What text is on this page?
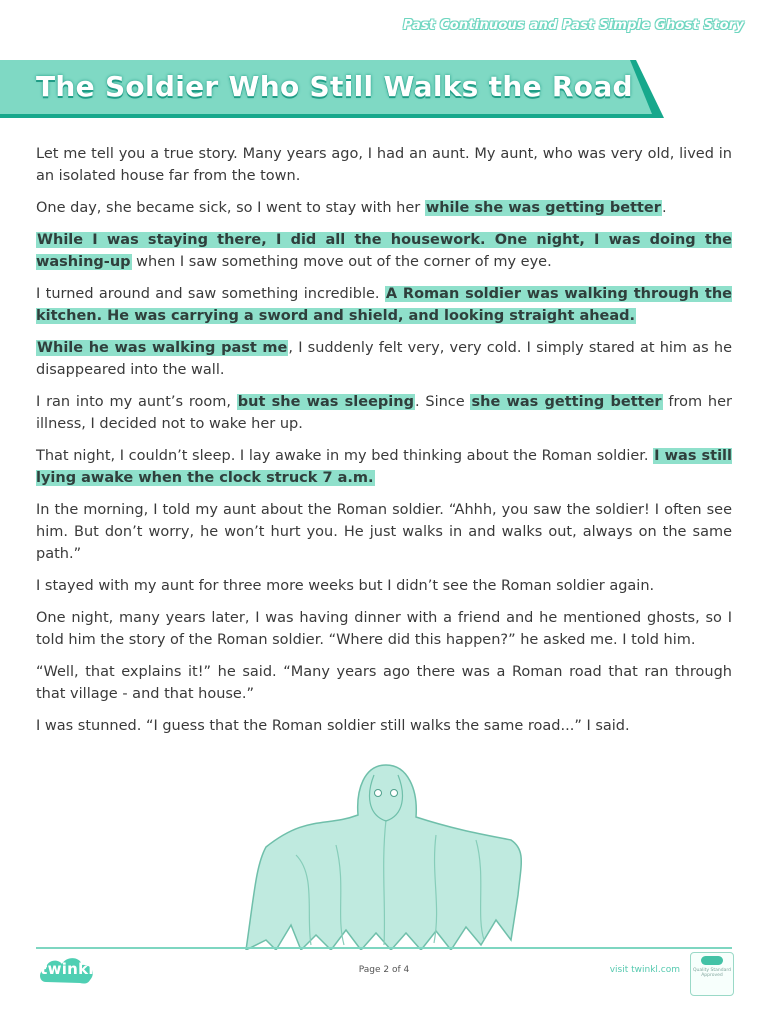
Past Continuous and Past Simple Ghost Story
The Soldier Who Still Walks the Road

Let me tell you a true story. Many years ago, I had an aunt. My aunt, who was very old, lived in an isolated house far from the town.

One day, she became sick, so I went to stay with her while she was getting better.

While I was staying there, I did all the housework. One night, I was doing the washing-up when I saw something move out of the corner of my eye.

I turned around and saw something incredible. A Roman soldier was walking through the kitchen. He was carrying a sword and shield, and looking straight ahead.

While he was walking past me, I suddenly felt very, very cold. I simply stared at him as he disappeared into the wall.

I ran into my aunt’s room, but she was sleeping. Since she was getting better from her illness, I decided not to wake her up.

That night, I couldn’t sleep. I lay awake in my bed thinking about the Roman soldier. I was still lying awake when the clock struck 7 a.m.

In the morning, I told my aunt about the Roman soldier. “Ahhh, you saw the soldier! I often see him. But don’t worry, he won’t hurt you. He just walks in and walks out, always on the same path.”

I stayed with my aunt for three more weeks but I didn’t see the Roman soldier again.

One night, many years later, I was having dinner with a friend and he mentioned ghosts, so I told him the story of the Roman soldier. “Where did this happen?” he asked me. I told him.

“Well, that explains it!” he said. “Many years ago there was a Roman road that ran through that village - and that house.”

I was stunned. “I guess that the Roman soldier still walks the same road...” I said.

twinkl	Page 2 of 4	visit twinkl.com	Quality Standard Approved
